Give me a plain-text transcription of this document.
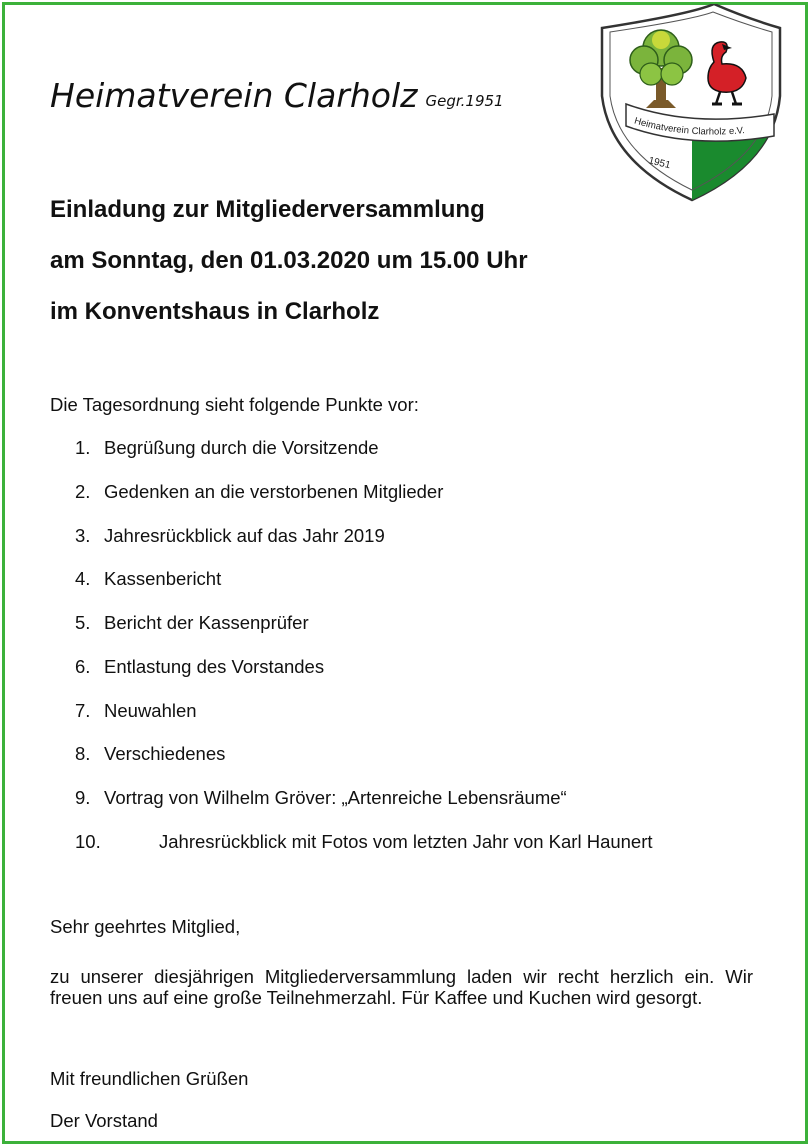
Heimatverein Clarholz Gegr.1951
Heimatverein Clarholz e.V.
1951
Einladung zur Mitgliederversammlung
am Sonntag, den 01.03.2020 um 15.00 Uhr
im Konventshaus in Clarholz
Die Tagesordnung sieht folgende Punkte vor:
1. Begrüßung durch die Vorsitzende
2. Gedenken an die verstorbenen Mitglieder
3. Jahresrückblick auf das Jahr 2019
4. Kassenbericht
5. Bericht der Kassenprüfer
6. Entlastung des Vorstandes
7. Neuwahlen
8. Verschiedenes
9. Vortrag von Wilhelm Gröver: „Artenreiche Lebensräume“
10.	Jahresrückblick mit Fotos vom letzten Jahr von Karl Haunert
Sehr geehrtes Mitglied,
zu unserer diesjährigen Mitgliederversammlung laden wir recht herzlich ein. Wir freuen uns auf eine große Teilnehmerzahl. Für Kaffee und Kuchen wird gesorgt.
Mit freundlichen Grüßen
Der Vorstand
